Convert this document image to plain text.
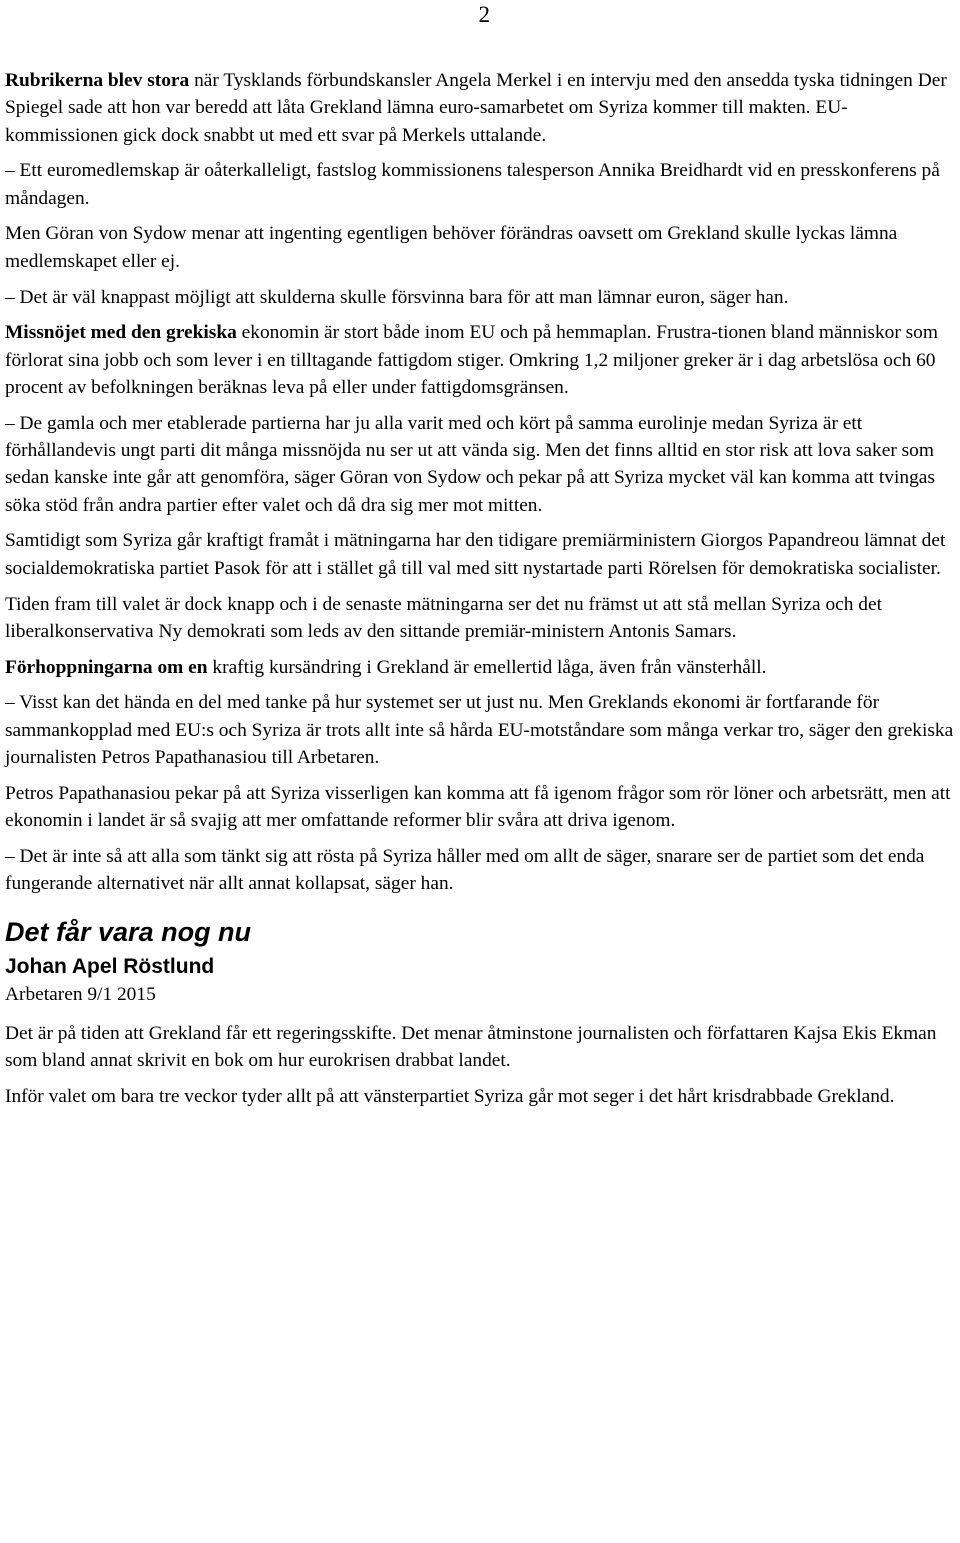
2

Rubrikerna blev stora när Tysklands förbundskansler Angela Merkel i en intervju med den ansedda tyska tidningen Der Spiegel sade att hon var beredd att låta Grekland lämna euro-samarbetet om Syriza kommer till makten. EU-kommissionen gick dock snabbt ut med ett svar på Merkels uttalande.

– Ett euromedlemskap är oåterkalleligt, fastslog kommissionens talesperson Annika Breidhardt vid en presskonferens på måndagen.

Men Göran von Sydow menar att ingenting egentligen behöver förändras oavsett om Grekland skulle lyckas lämna medlemskapet eller ej.

– Det är väl knappast möjligt att skulderna skulle försvinna bara för att man lämnar euron, säger han.

Missnöjet med den grekiska ekonomin är stort både inom EU och på hemmaplan. Frustra-tionen bland människor som förlorat sina jobb och som lever i en tilltagande fattigdom stiger. Omkring 1,2 miljoner greker är i dag arbetslösa och 60 procent av befolkningen beräknas leva på eller under fattigdomsgränsen.

– De gamla och mer etablerade partierna har ju alla varit med och kört på samma eurolinje medan Syriza är ett förhållandevis ungt parti dit många missnöjda nu ser ut att vända sig. Men det finns alltid en stor risk att lova saker som sedan kanske inte går att genomföra, säger Göran von Sydow och pekar på att Syriza mycket väl kan komma att tvingas söka stöd från andra partier efter valet och då dra sig mer mot mitten.

Samtidigt som Syriza går kraftigt framåt i mätningarna har den tidigare premiärministern Giorgos Papandreou lämnat det socialdemokratiska partiet Pasok för att i stället gå till val med sitt nystartade parti Rörelsen för demokratiska socialister.

Tiden fram till valet är dock knapp och i de senaste mätningarna ser det nu främst ut att stå mellan Syriza och det liberalkonservativa Ny demokrati som leds av den sittande premiär-ministern Antonis Samars.

Förhoppningarna om en kraftig kursändring i Grekland är emellertid låga, även från vänsterhåll.

– Visst kan det hända en del med tanke på hur systemet ser ut just nu. Men Greklands ekonomi är fortfarande för sammankopplad med EU:s och Syriza är trots allt inte så hårda EU-motståndare som många verkar tro, säger den grekiska journalisten Petros Papathanasiou till Arbetaren.

Petros Papathanasiou pekar på att Syriza visserligen kan komma att få igenom frågor som rör löner och arbetsrätt, men att ekonomin i landet är så svajig att mer omfattande reformer blir svåra att driva igenom.

– Det är inte så att alla som tänkt sig att rösta på Syriza håller med om allt de säger, snarare ser de partiet som det enda fungerande alternativet när allt annat kollapsat, säger han.

Det får vara nog nu
Johan Apel Röstlund
Arbetaren 9/1 2015

Det är på tiden att Grekland får ett regeringsskifte. Det menar åtminstone journalisten och författaren Kajsa Ekis Ekman som bland annat skrivit en bok om hur eurokrisen drabbat landet.

Inför valet om bara tre veckor tyder allt på att vänsterpartiet Syriza går mot seger i det hårt krisdrabbade Grekland.
